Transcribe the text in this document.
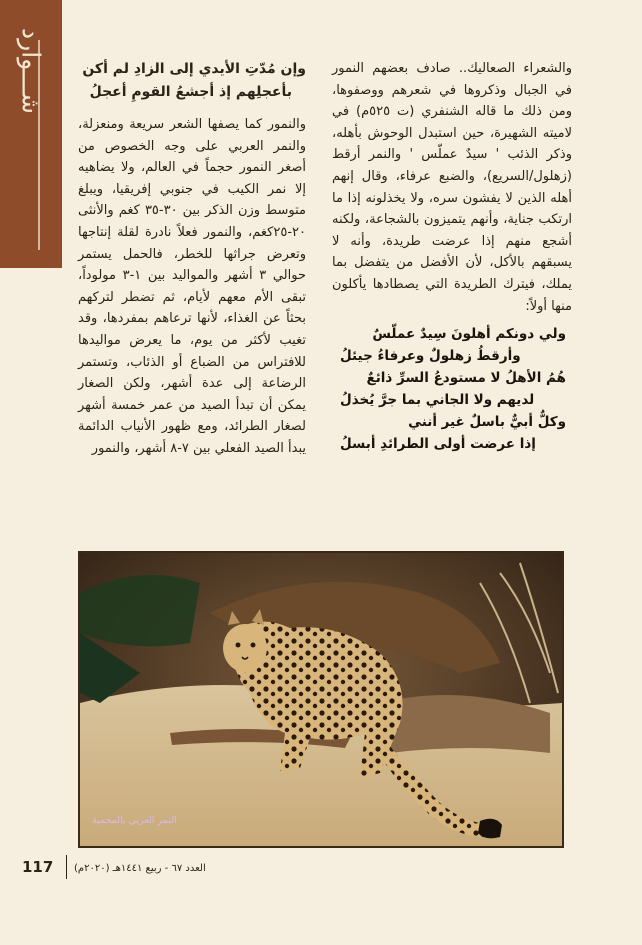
شـــوارد	والشعراء الصعاليك.. صادف بعضهم النمور في الجبال وذكروها في شعرهم ووصفوها، ومن ذلك ما قاله الشنفري (ت ٥٢٥م) في لاميته الشهيرة، حين استبدل الوحوش بأهله، وذكر الذئب ' سيدٌ عملّس ' والنمر أرقط (زهلول/السريع)، والضبع عرفاء، وقال إنهم أهله الذين لا يفشون سره، ولا يخذلونه إذا ما ارتكب جناية، وأنهم يتميزون بالشجاعة، ولكنه أشجع منهم إذا عرضت طريدة، وأنه لا يسبقهم بالأكل، لأن الأفضل من يتفضل بما يملك، فيترك الطريدة التي يصطادها يأكلون منها أولاً:

ولي دونكم أهلونَ سِيدٌ عملّسٌ

وأرقطُ زهلولٌ وعرفاءُ جيئلُ

هُمُ الأهلُ لا مستودعُ السرِّ ذائعٌ

لديهم ولا الجاني بما جرَّ يُخذلُ

وكلٌّ أبيٌّ باسلٌ غير أنني

إذا عرضت أولى الطرائدِ أبسلُ

وإن مُدّتِ الأيدي إلى الزادِ لم أكن
بأعجلِهم إذ أجشعُ القومِ أعجلُ

والنمور كما يصفها الشعر سريعة ومنعزلة، والنمر العربي على وجه الخصوص من أصغر النمور حجماً في العالم، ولا يضاهيه إلا نمر الكيب في جنوبي إفريقيا، ويبلغ متوسط وزن الذكر بين ٣٠-٣٥ كغم والأنثى ٢٠-٢٥كغم، والنمور فعلاً نادرة لقلة إنتاجها وتعرض جراثها للخطر، فالحمل يستمر حوالي ٣ أشهر والمواليد بين ١-٣ مولوداً، تبقى الأم معهم لأيام، ثم تضطر لتركهم بحثاً عن الغذاء، لأنها ترعاهم بمفردها، وقد تغيب لأكثر من يوم، ما يعرض مواليدها للافتراس من الضباع أو الذئاب، وتستمر الرضاعة إلى عدة أشهر، ولكن الصغار يمكن أن تبدأ الصيد من عمر خمسة أشهر لصغار الطرائد، ومع ظهور الأنياب الدائمة يبدأ الصيد الفعلي بين ٧-٨ أشهر، والنمور

النمر العربي بالمحمية
117 العدد ٦٧ - ربيع ١٤٤١هـ (٢٠٢٠م)
